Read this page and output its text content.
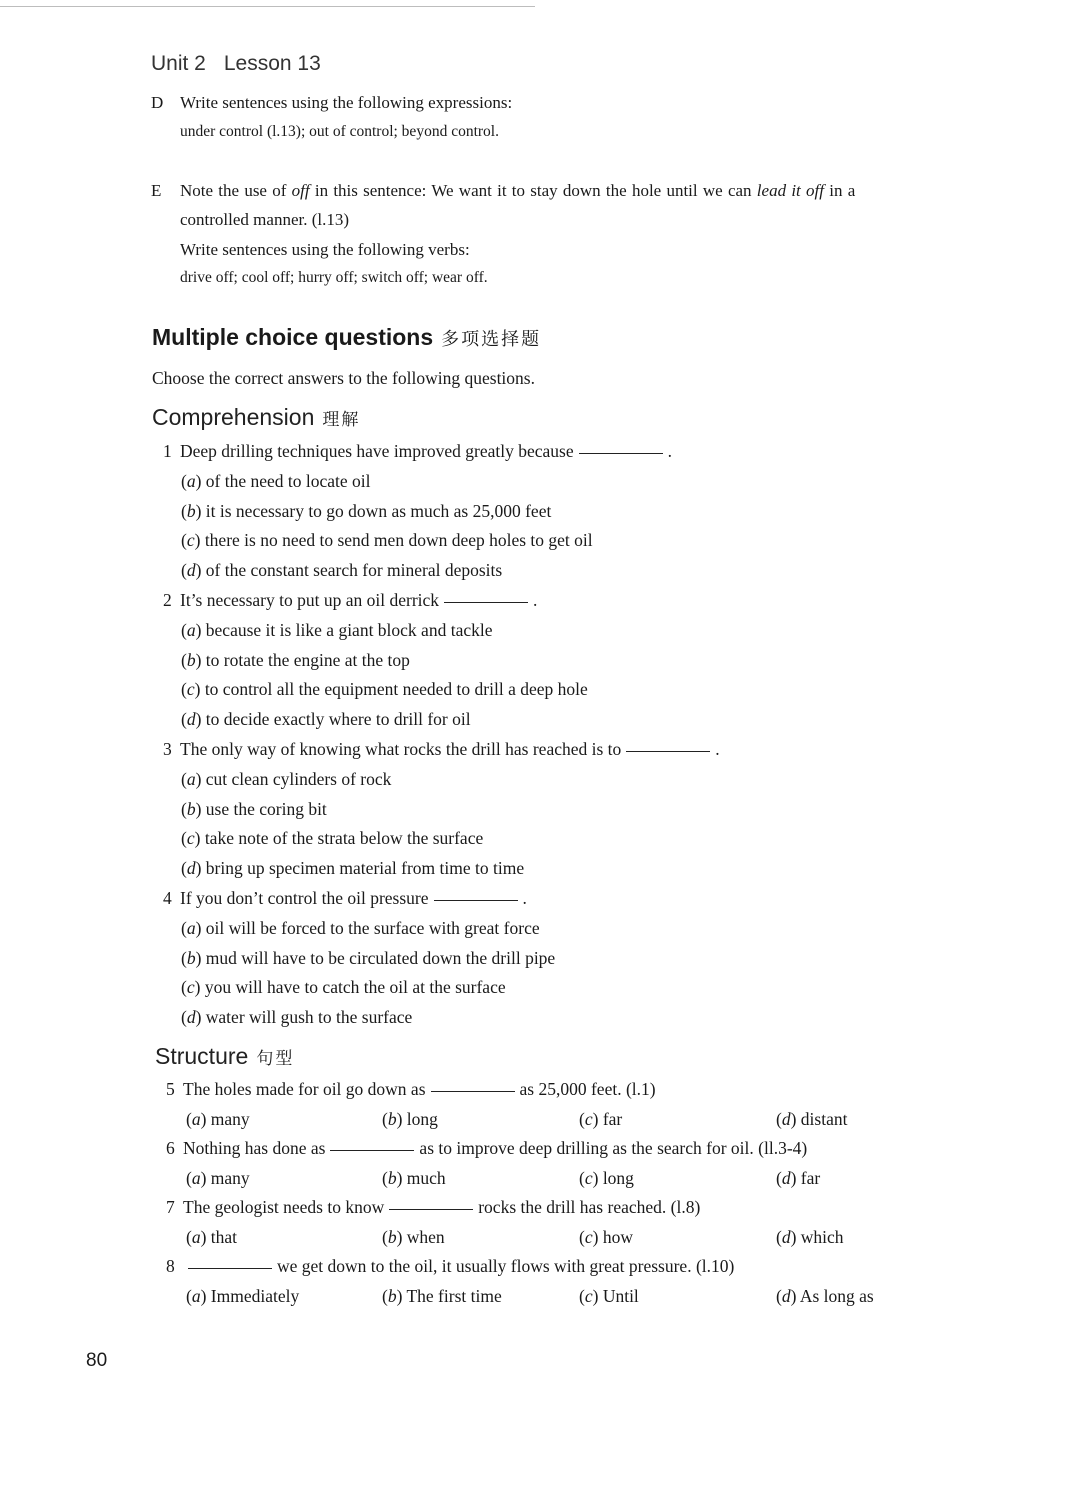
Unit 2 Lesson 13
D Write sentences using the following expressions:
under control (l.13); out of control; beyond control.
E Note the use of off in this sentence: We want it to stay down the hole until we can lead it off in a
controlled manner. (l.13)
Write sentences using the following verbs:
drive off; cool off; hurry off; switch off; wear off.
Multiple choice questions 多项选择题
Choose the correct answers to the following questions.
Comprehension 理解
1 Deep drilling techniques have improved greatly because	.
(a) of the need to locate oil
(b) it is necessary to go down as much as 25,000 feet
(c) there is no need to send men down deep holes to get oil
(d) of the constant search for mineral deposits
2 It’s necessary to put up an oil derrick	.
(a) because it is like a giant block and tackle
(b) to rotate the engine at the top
(c) to control all the equipment needed to drill a deep hole
(d) to decide exactly where to drill for oil
3 The only way of knowing what rocks the drill has reached is to	.
(a) cut clean cylinders of rock
(b) use the coring bit
(c) take note of the strata below the surface
(d) bring up specimen material from time to time
4 If you don’t control the oil pressure	.
(a) oil will be forced to the surface with great force
(b) mud will have to be circulated down the drill pipe
(c) you will have to catch the oil at the surface
(d) water will gush to the surface
Structure 句型
5 The holes made for oil go down as	as 25,000 feet. (l.1)
(a) many	(b) long	(c) far	(d) distant
6 Nothing has done as	as to improve deep drilling as the search for oil. (ll.3-4)
(a) many	(b) much	(c) long	(d) far
7 The geologist needs to know	rocks the drill has reached. (l.8)
(a) that	(b) when	(c) how	(d) which
8	we get down to the oil, it usually flows with great pressure. (l.10)
(a) Immediately	(b) The first time	(c) Until	(d) As long as
80
